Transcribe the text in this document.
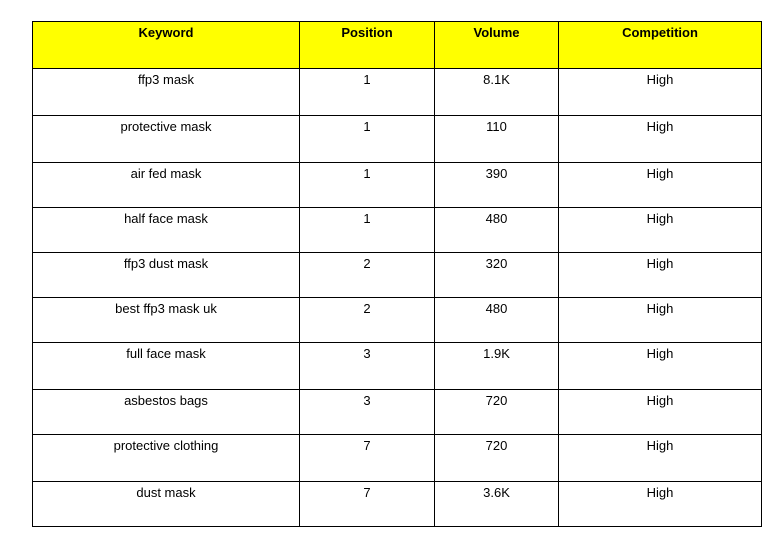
Keyword	Position	Volume	Competition
ffp3 mask	1	8.1K	High
protective mask	1	110	High
air fed mask	1	390	High
half face mask	1	480	High
ffp3 dust mask	2	320	High
best ffp3 mask uk	2	480	High
full face mask	3	1.9K	High
asbestos bags	3	720	High
protective clothing	7	720	High
dust mask	7	3.6K	High
